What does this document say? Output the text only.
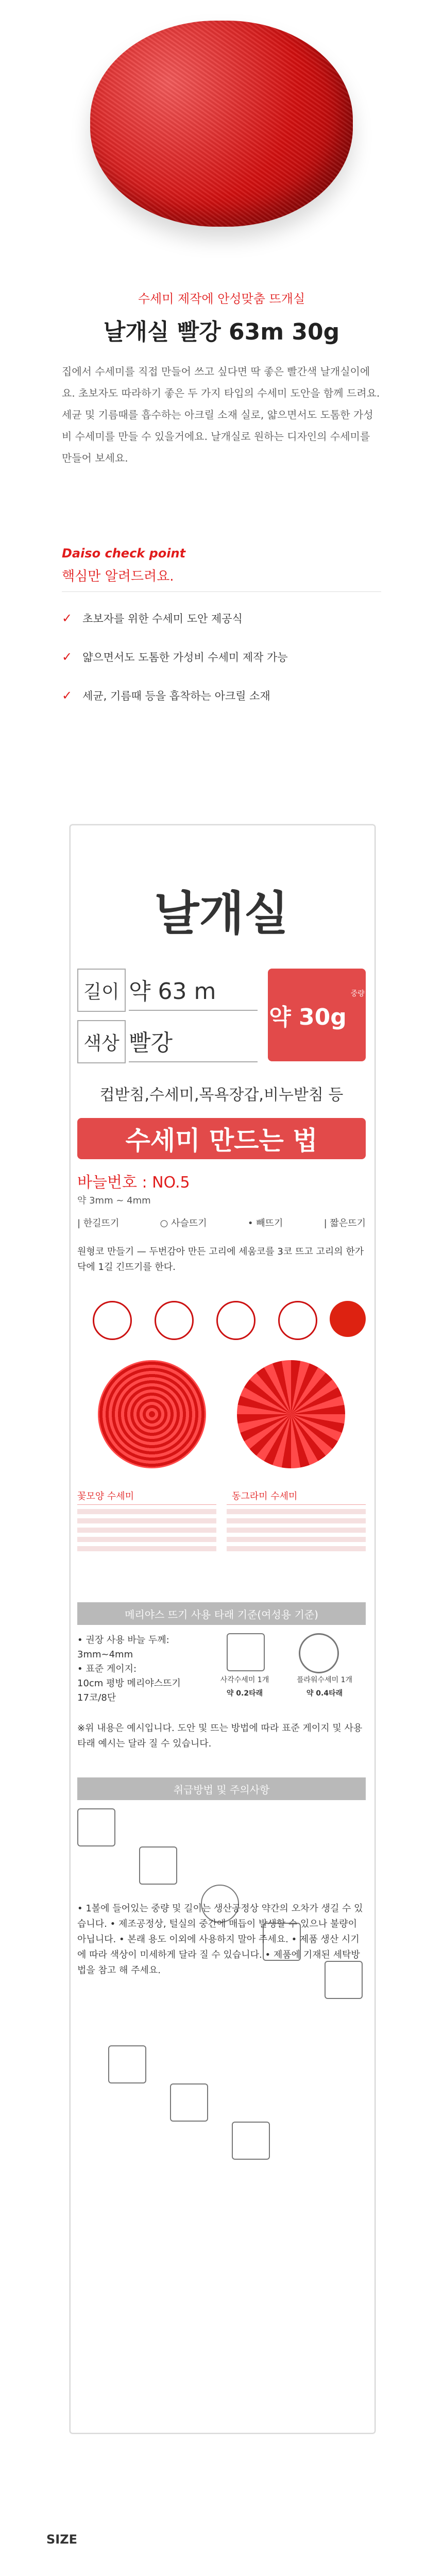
수세미 제작에 안성맞춤 뜨개실
날개실 빨강 63m 30g
집에서 수세미를 직접 만들어 쓰고 싶다면 딱 좋은 빨간색 날개실이에요. 초보자도 따라하기 좋은 두 가지 타입의 수세미 도안을 함께 드려요. 세균 및 기름때를 흡수하는 아크릴 소재 실로, 얇으면서도 도톰한 가성비 수세미를 만들 수 있을거에요. 날개실로 원하는 디자인의 수세미를 만들어 보세요.
Daiso check point
핵심만 알려드려요.
✓ 초보자를 위한 수세미 도안 제공식
✓ 얇으면서도 도톰한 가성비 수세미 제작 가능
✓ 세균, 기름때 등을 흡착하는 아크릴 소재
날개실
길이 약 63 m
색상 빨강
약 30g
중량
컵받침,수세미,목욕장갑,비누받침 등
수세미 만드는 법
바늘번호 : NO.5
약 3mm ~ 4mm
| 한길뜨기	○ 사슬뜨기	• 빼뜨기	| 짧은뜨기
원형코 만들기 — 두번감아 만든 고리에 세움코를 3코 뜨고 고리의 한가닥에 1길 긴뜨기를 한다.
꽃모양 수세미	동그라미 수세미
메리야스 뜨기 사용 타래 기준(여성용 기준)
• 권장 사용 바늘 두께:
3mm~4mm
• 표준 게이지:
10cm 평방 메리야스뜨기
17코/8단
사각수세미 1개
약 0.2타래
플라워수세미 1개
약 0.4타래
※위 내용은 예시입니다. 도안 및 뜨는 방법에 따라 표준 게이지 및 사용 타래 예시는 달라 질 수 있습니다.
취급방법 및 주의사항
• 1볼에 들어있는 중량 및 길이는 생산공정상 약간의 오차가 생길 수 있습니다. • 제조공정상, 털실의 중간에 매듭이 발생할 수 있으나 불량이 아닙니다. • 본래 용도 이외에 사용하지 말아 주세요. • 제품 생산 시기에 따라 색상이 미세하게 달라 질 수 있습니다. • 제품에 기재된 세탁방법을 참고 해 주세요.
SIZE
